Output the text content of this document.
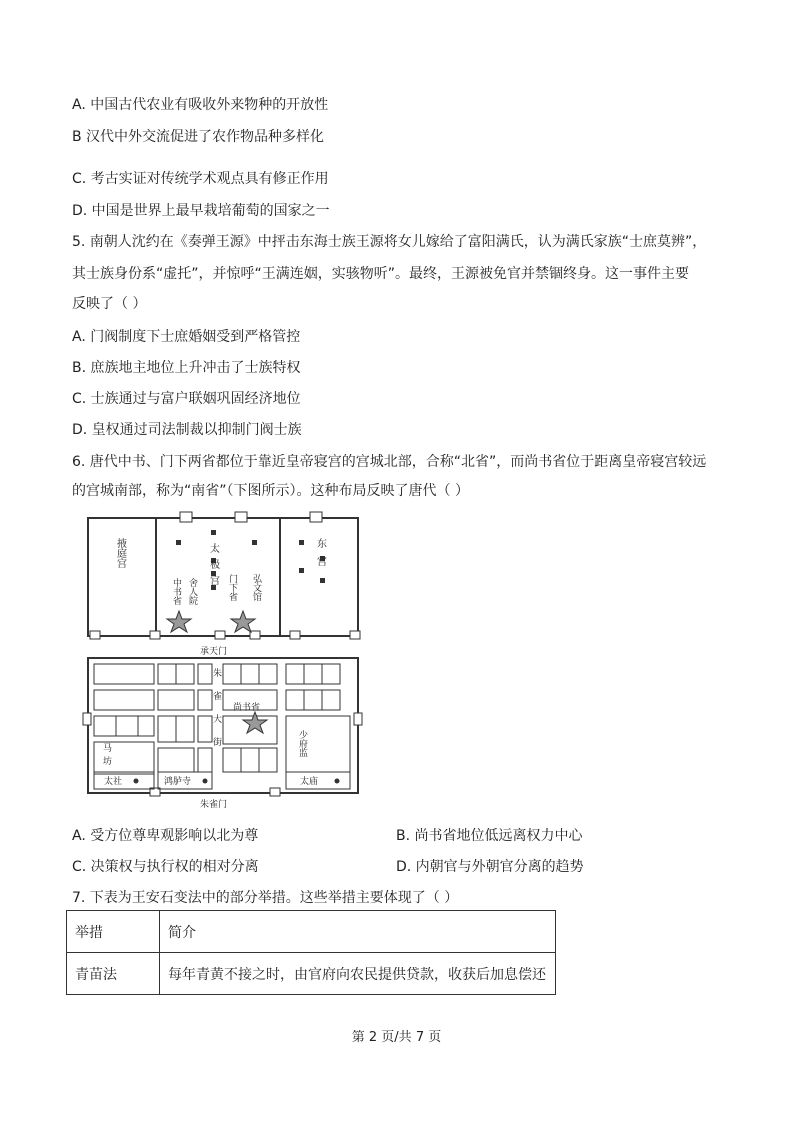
A. 中国古代农业有吸收外来物种的开放性
B 汉代中外交流促进了农作物品种多样化
C. 考古实证对传统学术观点具有修正作用
D. 中国是世界上最早栽培葡萄的国家之一
5. 南朝人沈约在《奏弹王源》中抨击东海士族王源将女儿嫁给了富阳满氏，认为满氏家族“士庶莫辨”，
其士族身份系“虚托”，并惊呼“王满连姻，实骇物听”。最终，王源被免官并禁锢终身。这一事件主要
反映了（ ）
A. 门阀制度下士庶婚姻受到严格管控
B. 庶族地主地位上升冲击了士族特权
C. 士族通过与富户联姻巩固经济地位
D. 皇权通过司法制裁以抑制门阀士族
6. 唐代中书、门下两省都位于靠近皇帝寝宫的宫城北部，合称“北省”，而尚书省位于距离皇帝寝宫较远
的宫城南部，称为“南省”（下图所示）。这种布局反映了唐代（ ）
掖庭宫	太极宫	东宫
中书省 舍人院	门下省 弘文馆
承天门
朱雀大街 尚书省
马坊	少府监
太社	鸿胪寺	太庙
朱雀门
A. 受方位尊卑观影响以北为尊	B. 尚书省地位低远离权力中心
C. 决策权与执行权的相对分离	D. 内朝官与外朝官分离的趋势
7. 下表为王安石变法中的部分举措。这些举措主要体现了（ ）
举措	简介
青苗法	每年青黄不接之时，由官府向农民提供贷款，收获后加息偿还
第 2 页/共 7 页
